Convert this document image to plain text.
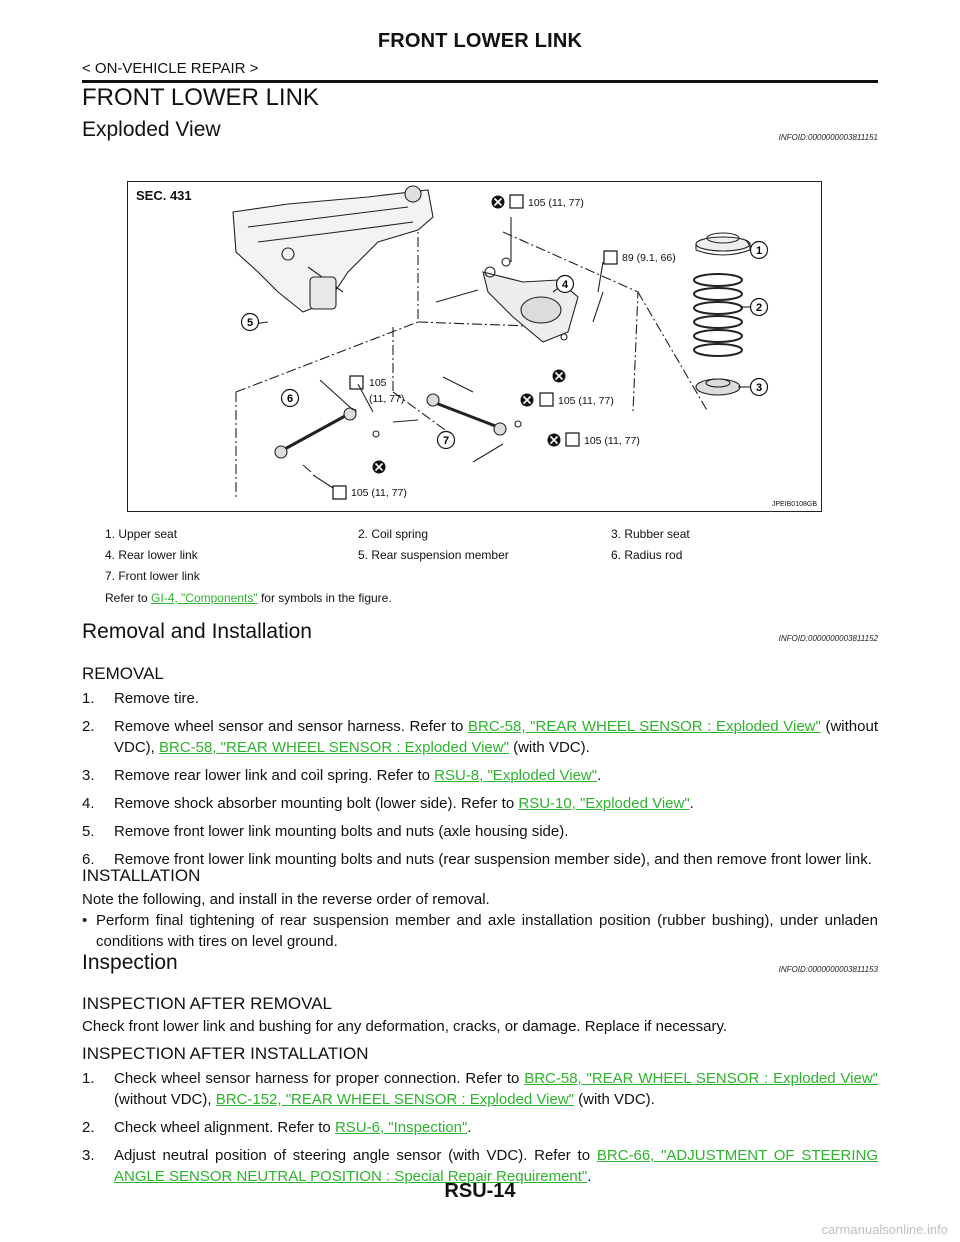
FRONT LOWER LINK
< ON-VEHICLE REPAIR >
FRONT LOWER LINK
Exploded View	INFOID:0000000003811151
SEC. 431	105 (11, 77)
89 (9.1, 66)
105
(11, 77)	105 (11, 77)
105 (11, 77)
105 (11, 77)
1
2
3
4
5
6
7
JPEIB0108GB
1. Upper seat	2. Coil spring	3. Rubber seat
4. Rear lower link	5. Rear suspension member	6. Radius rod
7. Front lower link
Refer to GI-4, "Components" for symbols in the figure.
Removal and Installation	INFOID:0000000003811152
REMOVAL
1.	Remove tire.
2.	Remove wheel sensor and sensor harness. Refer to BRC-58, "REAR WHEEL SENSOR : Exploded View" (without VDC), BRC-58, "REAR WHEEL SENSOR : Exploded View" (with VDC).
3.	Remove rear lower link and coil spring. Refer to RSU-8, "Exploded View".
4.	Remove shock absorber mounting bolt (lower side). Refer to RSU-10, "Exploded View".
5.	Remove front lower link mounting bolts and nuts (axle housing side).
6.	Remove front lower link mounting bolts and nuts (rear suspension member side), and then remove front lower link.
INSTALLATION
Note the following, and install in the reverse order of removal.
• Perform final tightening of rear suspension member and axle installation position (rubber bushing), under unladen conditions with tires on level ground.
Inspection	INFOID:0000000003811153
INSPECTION AFTER REMOVAL
Check front lower link and bushing for any deformation, cracks, or damage. Replace if necessary.
INSPECTION AFTER INSTALLATION
1.	Check wheel sensor harness for proper connection. Refer to BRC-58, "REAR WHEEL SENSOR : Exploded View" (without VDC), BRC-152, "REAR WHEEL SENSOR : Exploded View" (with VDC).
2.	Check wheel alignment. Refer to RSU-6, "Inspection".
3.	Adjust neutral position of steering angle sensor (with VDC). Refer to BRC-66, "ADJUSTMENT OF STEERING ANGLE SENSOR NEUTRAL POSITION : Special Repair Requirement".
RSU-14
carmanualsonline.info
